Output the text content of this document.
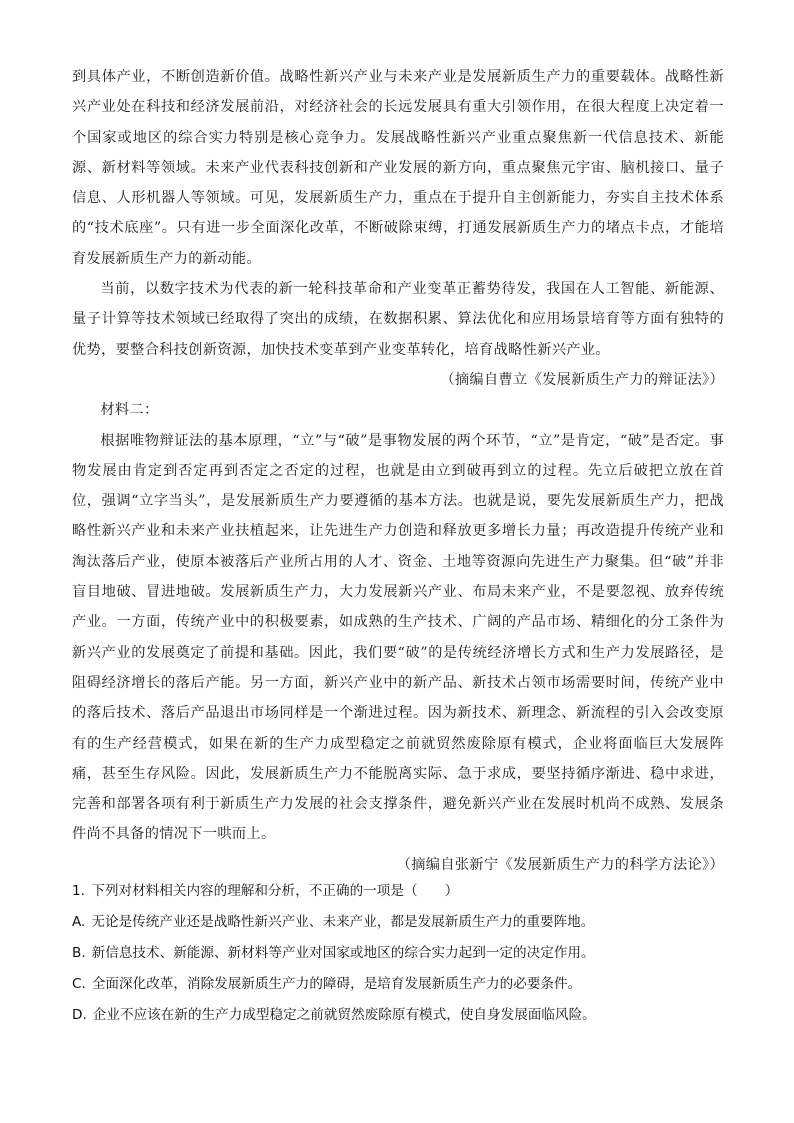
到具体产业，不断创造新价值。战略性新兴产业与未来产业是发展新质生产力的重要载体。战略性新兴产业处在科技和经济发展前沿，对经济社会的长远发展具有重大引领作用，在很大程度上决定着一个国家或地区的综合实力特别是核心竞争力。发展战略性新兴产业重点聚焦新一代信息技术、新能源、新材料等领域。未来产业代表科技创新和产业发展的新方向，重点聚焦元宇宙、脑机接口、量子信息、人形机器人等领域。可见，发展新质生产力，重点在于提升自主创新能力，夯实自主技术体系的“技术底座”。只有进一步全面深化改革，不断破除束缚，打通发展新质生产力的堵点卡点，才能培育发展新质生产力的新动能。

当前，以数字技术为代表的新一轮科技革命和产业变革正蓄势待发，我国在人工智能、新能源、量子计算等技术领域已经取得了突出的成绩，在数据积累、算法优化和应用场景培育等方面有独特的优势，要整合科技创新资源，加快技术变革到产业变革转化，培育战略性新兴产业。

（摘编自曹立《发展新质生产力的辩证法》）

材料二：

根据唯物辩证法的基本原理，“立”与“破”是事物发展的两个环节，“立”是肯定，“破”是否定。事物发展由肯定到否定再到否定之否定的过程，也就是由立到破再到立的过程。先立后破把立放在首位，强调“立字当头”，是发展新质生产力要遵循的基本方法。也就是说，要先发展新质生产力，把战略性新兴产业和未来产业扶植起来，让先进生产力创造和释放更多增长力量；再改造提升传统产业和淘汰落后产业，使原本被落后产业所占用的人才、资金、土地等资源向先进生产力聚集。但“破”并非盲目地破、冒进地破。发展新质生产力，大力发展新兴产业、布局未来产业，不是要忽视、放弃传统产业。一方面，传统产业中的积极要素，如成熟的生产技术、广阔的产品市场、精细化的分工条件为新兴产业的发展奠定了前提和基础。因此，我们要“破”的是传统经济增长方式和生产力发展路径，是阻碍经济增长的落后产能。另一方面，新兴产业中的新产品、新技术占领市场需要时间，传统产业中的落后技术、落后产品退出市场同样是一个渐进过程。因为新技术、新理念、新流程的引入会改变原有的生产经营模式，如果在新的生产力成型稳定之前就贸然废除原有模式，企业将面临巨大发展阵痛，甚至生存风险。因此，发展新质生产力不能脱离实际、急于求成，要坚持循序渐进、稳中求进，完善和部署各项有利于新质生产力发展的社会支撑条件，避免新兴产业在发展时机尚不成熟、发展条件尚不具备的情况下一哄而上。

（摘编自张新宁《发展新质生产力的科学方法论》）

1. 下列对材料相关内容的理解和分析，不正确的一项是（　　）
A. 无论是传统产业还是战略性新兴产业、未来产业，都是发展新质生产力的重要阵地。
B. 新信息技术、新能源、新材料等产业对国家或地区的综合实力起到一定的决定作用。
C. 全面深化改革，消除发展新质生产力的障碍，是培育发展新质生产力的必要条件。
D. 企业不应该在新的生产力成型稳定之前就贸然废除原有模式，使自身发展面临风险。
